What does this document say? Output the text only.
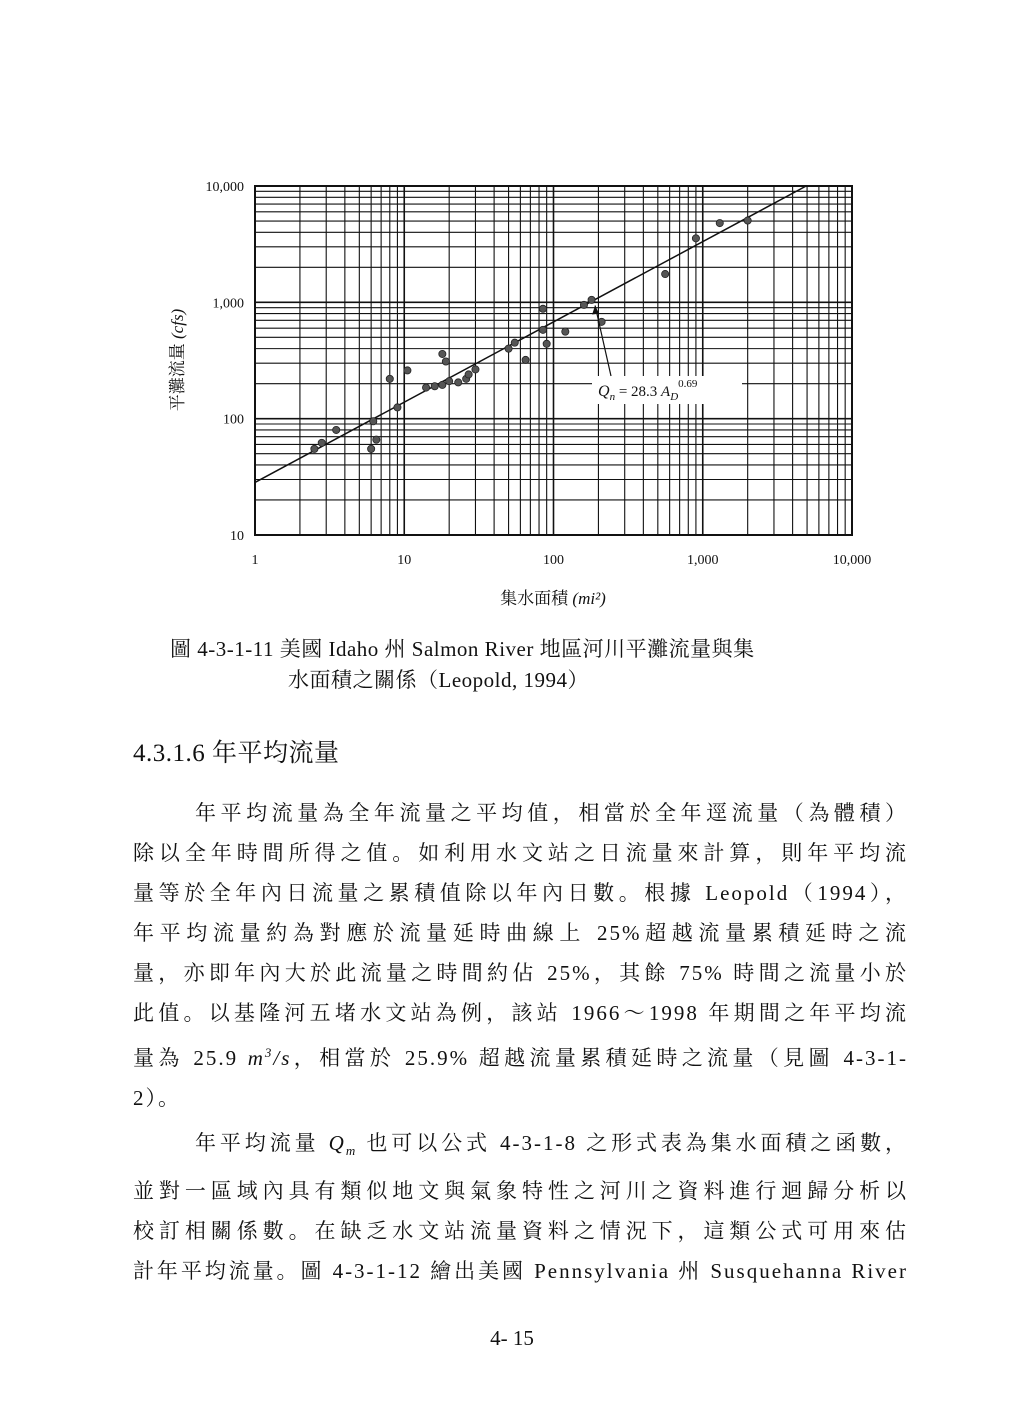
1	10	100	1,000	10,000
10
100
1,000
10,000
集水面積 (mi²)
平灘流量 (cfs)
$Q_n = 28.3$ $A_D^{0.69}$
圖 4-3-1-11 美國 Idaho 州 Salmon River 地區河川平灘流量與集
水面積之關係（Leopold, 1994）
4.3.1.6 年平均流量
年平均流量為全年流量之平均值，相當於全年逕流量（為體積）
除以全年時間所得之值。如利用水文站之日流量來計算，則年平均流
量等於全年內日流量之累積值除以年內日數。根據 Leopold（1994），
年平均流量約為對應於流量延時曲線上 25%超越流量累積延時之流
量，亦即年內大於此流量之時間約佔 25%，其餘 75% 時間之流量小於
此值。以基隆河五堵水文站為例，該站 1966～1998 年期間之年平均流
量為 25.9 $m^3/s$，相當於 25.9% 超越流量累積延時之流量（見圖 4-3-1-
2）。
年平均流量 $Q_m$ 也可以公式 4-3-1-8 之形式表為集水面積之函數，
並對一區域內具有類似地文與氣象特性之河川之資料進行迴歸分析以
校訂相關係數。在缺乏水文站流量資料之情況下，這類公式可用來估
計年平均流量。圖 4-3-1-12 繪出美國 Pennsylvania 州 Susquehanna River
4- 15
